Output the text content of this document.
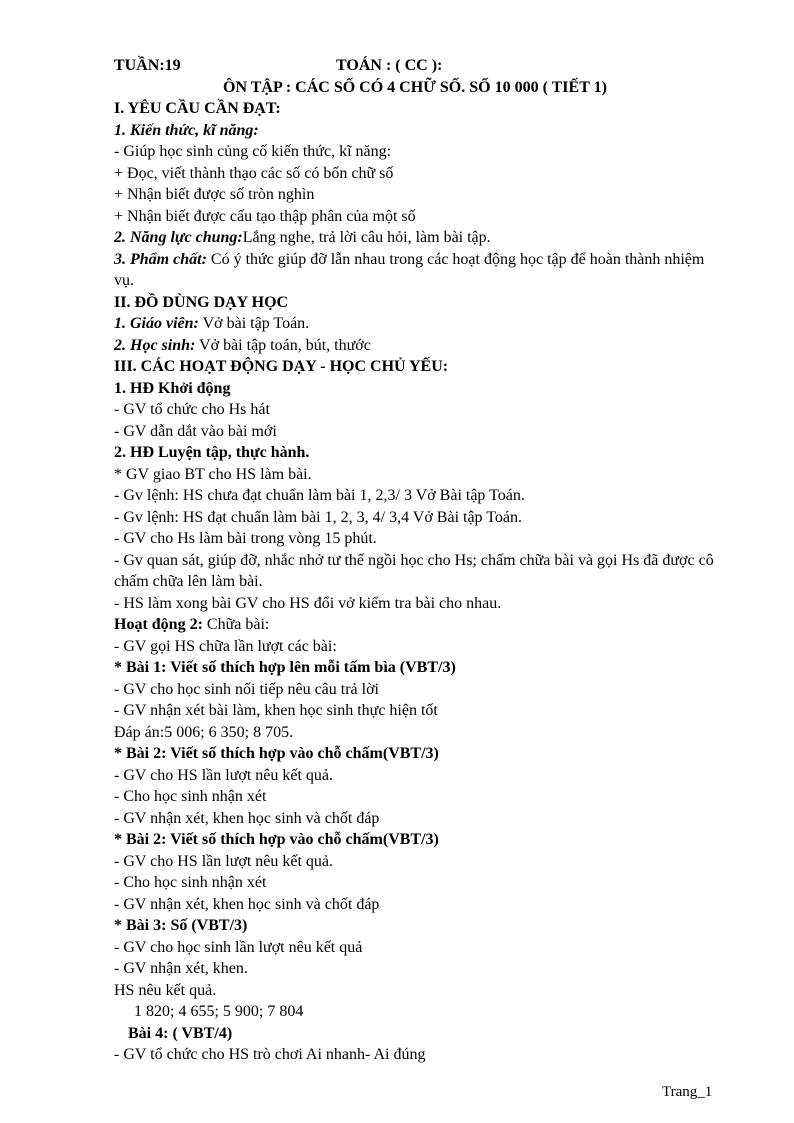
TUẦN:19	TOÁN : ( CC ):
ÔN TẬP : CÁC SỐ CÓ 4 CHỮ SỐ. SỐ 10 000 ( TIẾT 1)
I. YÊU CẦU CẦN ĐẠT:
1. Kiến thức, kĩ năng:
- Giúp học sinh củng cố kiến thức, kĩ năng:
+ Đọc, viết thành thạo các số có bốn chữ số
+ Nhận biết được số tròn nghìn
+ Nhận biết được cấu tạo thập phân của một số
2. Năng lực chung:Lắng nghe, trả lời câu hỏi, làm bài tập.
3. Phẩm chất: Có ý thức giúp đỡ lẫn nhau trong các hoạt động học tập để hoàn thành nhiệm vụ.
II. ĐỒ DÙNG DẠY HỌC
1. Giáo viên: Vở bài tập Toán.
2. Học sinh: Vở bài tập toán, bút, thước
III. CÁC HOẠT ĐỘNG DẠY - HỌC CHỦ YẾU:
1. HĐ Khởi động
- GV tổ chức cho Hs hát
- GV dẫn dắt vào bài mới
2. HĐ Luyện tập, thực hành.
* GV giao BT cho HS làm bài.
- Gv lệnh: HS chưa đạt chuẩn làm bài 1, 2,3/ 3 Vở Bài tập Toán.
- Gv lệnh: HS đạt chuẩn làm bài 1, 2, 3, 4/ 3,4 Vở Bài tập Toán.
- GV cho Hs làm bài trong vòng 15 phút.
- Gv quan sát, giúp đỡ, nhắc nhở tư thế ngồi học cho Hs; chấm chữa bài và gọi Hs đã được cô chấm chữa lên làm bài.
- HS làm xong bài GV cho HS đổi vở kiểm tra bài cho nhau.
Hoạt động 2: Chữa bài:
- GV gọi HS chữa lần lượt các bài:
* Bài 1: Viết số thích hợp lên mỗi tấm bìa (VBT/3)
- GV cho học sinh nối tiếp nêu câu trả lời
- GV nhận xét bài làm, khen học sinh thực hiện tốt
Đáp án:5 006; 6 350; 8 705.
* Bài 2: Viết số thích hợp vào chỗ chấm(VBT/3)
- GV cho HS lần lượt nêu kết quả.
- Cho học sinh nhận xét
- GV nhận xét, khen học sinh và chốt đáp
* Bài 2: Viết số thích hợp vào chỗ chấm(VBT/3)
- GV cho HS lần lượt nêu kết quả.
- Cho học sinh nhận xét
- GV nhận xét, khen học sinh và chốt đáp
* Bài 3: Số (VBT/3)
- GV cho học sinh lần lượt nêu kết quả
- GV nhận xét, khen.
HS nêu kết quả.
1 820; 4 655; 5 900; 7 804
Bài 4: ( VBT/4)
- GV tổ chức cho HS trò chơi Ai nhanh- Ai đúng
Trang_1
